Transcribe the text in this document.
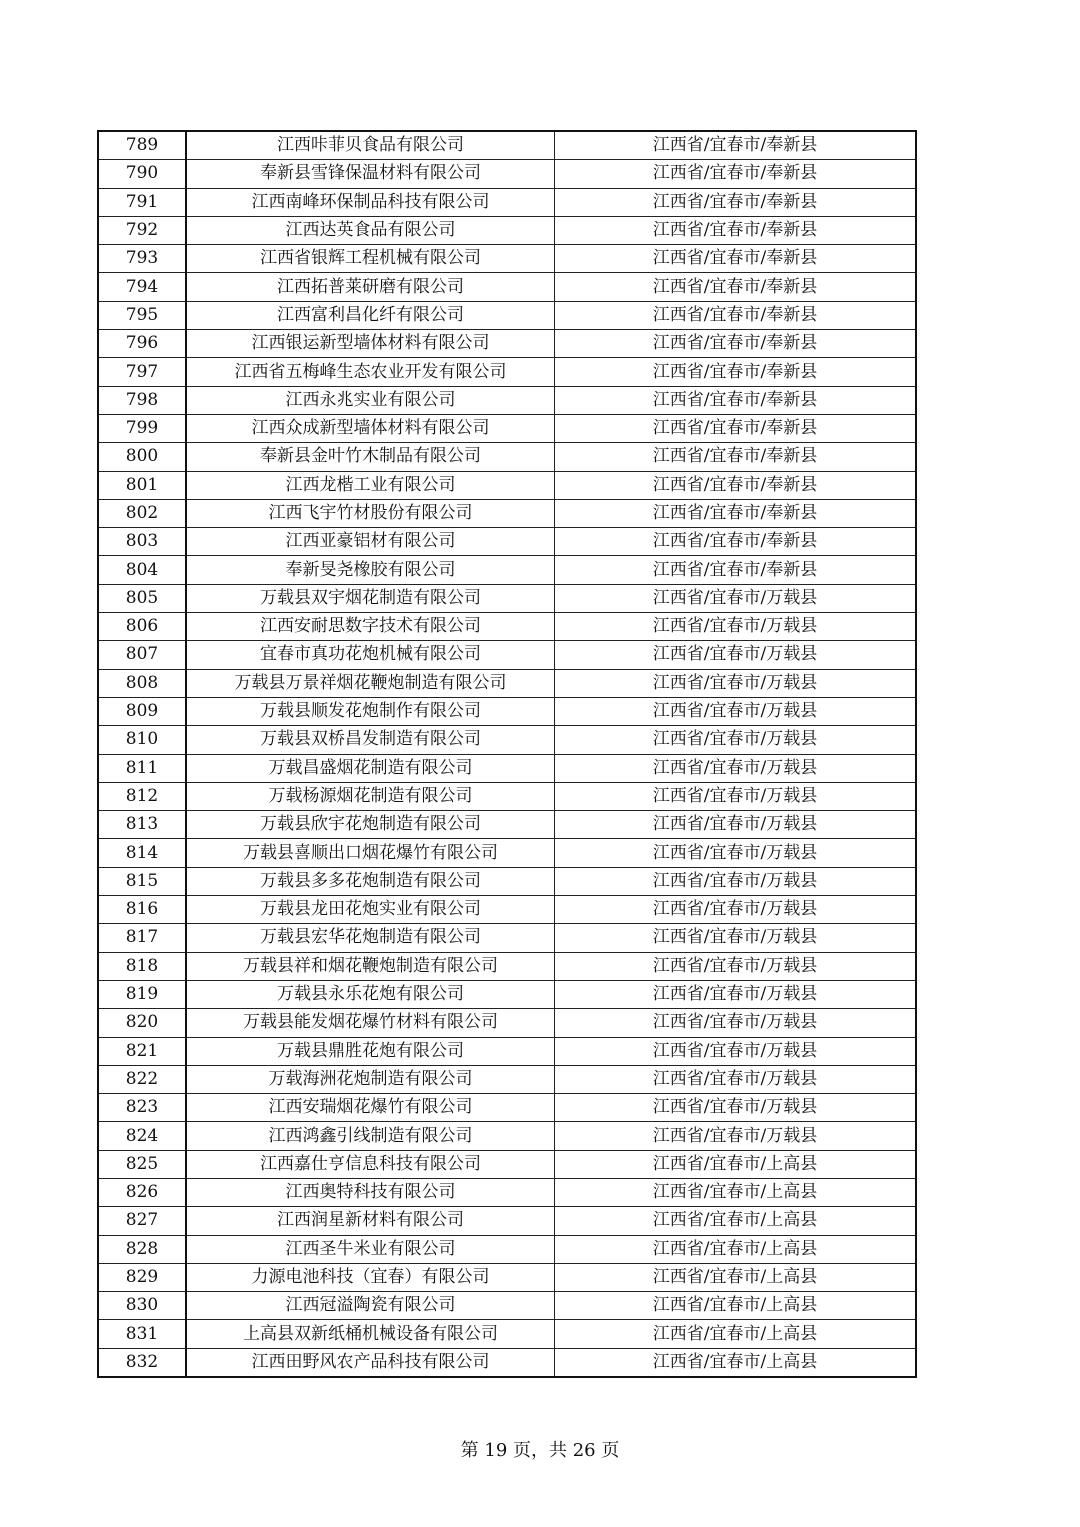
789	江西咔菲贝食品有限公司	江西省/宜春市/奉新县
790	奉新县雪锋保温材料有限公司	江西省/宜春市/奉新县
791	江西南峰环保制品科技有限公司	江西省/宜春市/奉新县
792	江西达英食品有限公司	江西省/宜春市/奉新县
793	江西省银辉工程机械有限公司	江西省/宜春市/奉新县
794	江西拓普莱研磨有限公司	江西省/宜春市/奉新县
795	江西富利昌化纤有限公司	江西省/宜春市/奉新县
796	江西银运新型墙体材料有限公司	江西省/宜春市/奉新县
797	江西省五梅峰生态农业开发有限公司	江西省/宜春市/奉新县
798	江西永兆实业有限公司	江西省/宜春市/奉新县
799	江西众成新型墙体材料有限公司	江西省/宜春市/奉新县
800	奉新县金叶竹木制品有限公司	江西省/宜春市/奉新县
801	江西龙楷工业有限公司	江西省/宜春市/奉新县
802	江西飞宇竹材股份有限公司	江西省/宜春市/奉新县
803	江西亚豪铝材有限公司	江西省/宜春市/奉新县
804	奉新旻尧橡胶有限公司	江西省/宜春市/奉新县
805	万载县双宇烟花制造有限公司	江西省/宜春市/万载县
806	江西安耐思数字技术有限公司	江西省/宜春市/万载县
807	宜春市真功花炮机械有限公司	江西省/宜春市/万载县
808	万载县万景祥烟花鞭炮制造有限公司	江西省/宜春市/万载县
809	万载县顺发花炮制作有限公司	江西省/宜春市/万载县
810	万载县双桥昌发制造有限公司	江西省/宜春市/万载县
811	万载昌盛烟花制造有限公司	江西省/宜春市/万载县
812	万载杨源烟花制造有限公司	江西省/宜春市/万载县
813	万载县欣宇花炮制造有限公司	江西省/宜春市/万载县
814	万载县喜顺出口烟花爆竹有限公司	江西省/宜春市/万载县
815	万载县多多花炮制造有限公司	江西省/宜春市/万载县
816	万载县龙田花炮实业有限公司	江西省/宜春市/万载县
817	万载县宏华花炮制造有限公司	江西省/宜春市/万载县
818	万载县祥和烟花鞭炮制造有限公司	江西省/宜春市/万载县
819	万载县永乐花炮有限公司	江西省/宜春市/万载县
820	万载县能发烟花爆竹材料有限公司	江西省/宜春市/万载县
821	万载县鼎胜花炮有限公司	江西省/宜春市/万载县
822	万载海洲花炮制造有限公司	江西省/宜春市/万载县
823	江西安瑞烟花爆竹有限公司	江西省/宜春市/万载县
824	江西鸿鑫引线制造有限公司	江西省/宜春市/万载县
825	江西嘉仕亨信息科技有限公司	江西省/宜春市/上高县
826	江西奥特科技有限公司	江西省/宜春市/上高县
827	江西润星新材料有限公司	江西省/宜春市/上高县
828	江西圣牛米业有限公司	江西省/宜春市/上高县
829	力源电池科技（宜春）有限公司	江西省/宜春市/上高县
830	江西冠溢陶瓷有限公司	江西省/宜春市/上高县
831	上高县双新纸桶机械设备有限公司	江西省/宜春市/上高县
832	江西田野风农产品科技有限公司	江西省/宜春市/上高县
第 19 页，共 26 页
